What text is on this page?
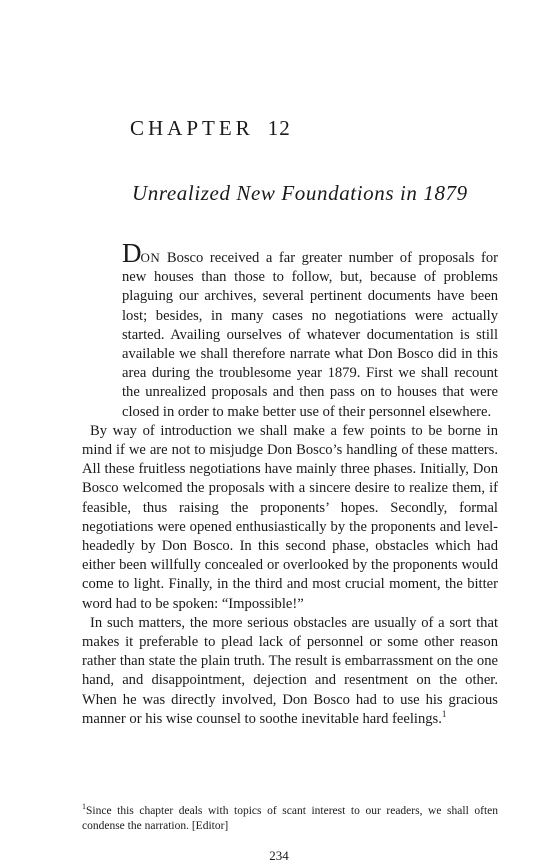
CHAPTER 12
Unrealized New Foundations in 1879

DON Bosco received a far greater number of proposals for new houses than those to follow, but, because of problems plaguing our archives, several pertinent documents have been lost; besides, in many cases no negotiations were actually started. Availing ourselves of whatever documentation is still available we shall therefore narrate what Don Bosco did in this area during the troublesome year 1879. First we shall recount the unrealized proposals and then pass on to houses that were closed in order to make better use of their personnel elsewhere.

By way of introduction we shall make a few points to be borne in mind if we are not to misjudge Don Bosco’s handling of these matters. All these fruitless negotiations have mainly three phases. Initially, Don Bosco welcomed the proposals with a sincere desire to realize them, if feasible, thus raising the proponents’ hopes. Secondly, formal negotiations were opened enthusiastically by the proponents and level-headedly by Don Bosco. In this second phase, obstacles which had either been willfully concealed or overlooked by the proponents would come to light. Finally, in the third and most crucial moment, the bitter word had to be spoken: “Impossible!”

In such matters, the more serious obstacles are usually of a sort that makes it preferable to plead lack of personnel or some other reason rather than state the plain truth. The result is embarrassment on the one hand, and disappointment, dejection and resentment on the other. When he was directly involved, Don Bosco had to use his gracious manner or his wise counsel to soothe inevitable hard feelings.$^1$

$^1$Since this chapter deals with topics of scant interest to our readers, we shall often condense the narration. [Editor]
234
